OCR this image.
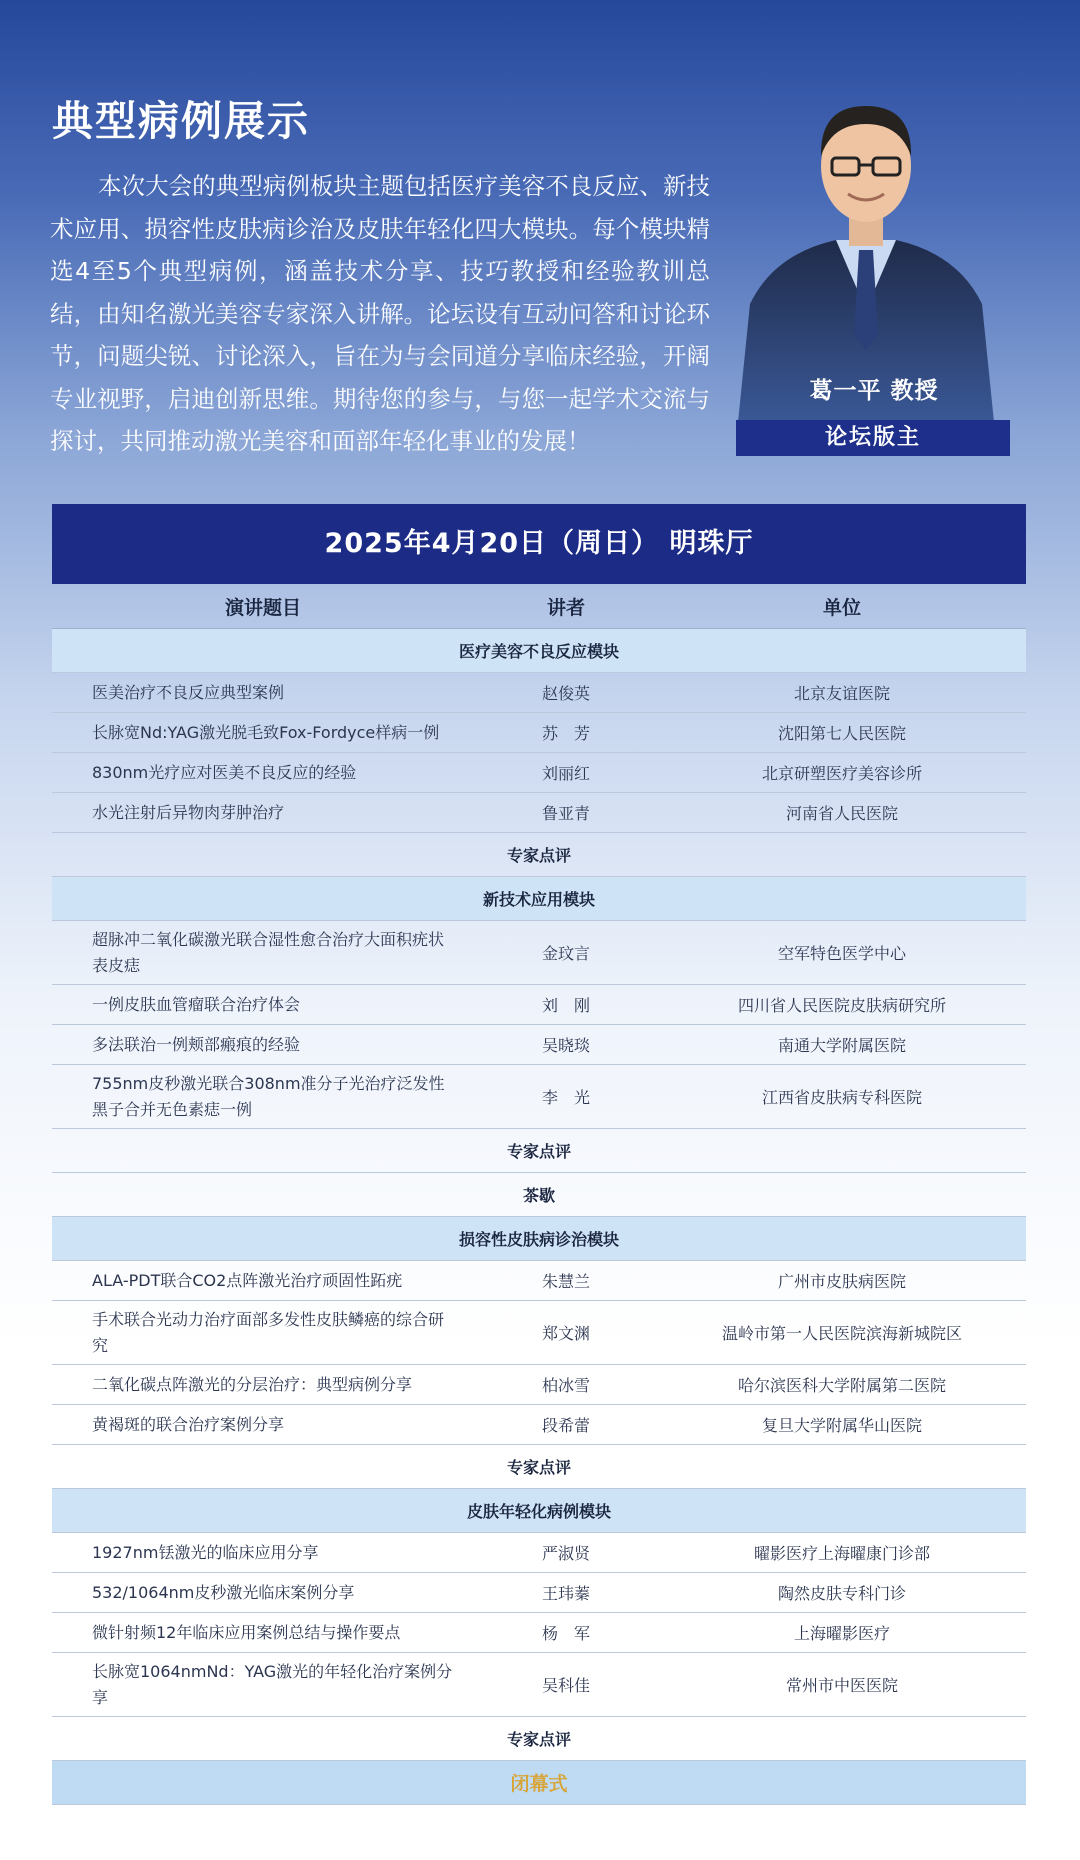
典型病例展示

本次大会的典型病例板块主题包括医疗美容不良反应、新技术应用、损容性皮肤病诊治及皮肤年轻化四大模块。每个模块精选4至5个典型病例，涵盖技术分享、技巧教授和经验教训总结，由知名激光美容专家深入讲解。论坛设有互动问答和讨论环节，问题尖锐、讨论深入，旨在为与会同道分享临床经验，开阔专业视野，启迪创新思维。期待您的参与，与您一起学术交流与探讨，共同推动激光美容和面部年轻化事业的发展！

葛一平 教授
论坛版主
2025年4月20日（周日） 明珠厅
演讲题目	讲者	单位
医疗美容不良反应模块		
医美治疗不良反应典型案例	赵俊英	北京友谊医院
长脉宽Nd:YAG激光脱毛致Fox-Fordyce样病一例	苏　芳	沈阳第七人民医院
830nm光疗应对医美不良反应的经验	刘丽红	北京研塑医疗美容诊所
水光注射后异物肉芽肿治疗	鲁亚青	河南省人民医院
专家点评		
新技术应用模块		
超脉冲二氧化碳激光联合湿性愈合治疗大面积疣状表皮痣	金玟言	空军特色医学中心
一例皮肤血管瘤联合治疗体会	刘　刚	四川省人民医院皮肤病研究所
多法联治一例颊部瘢痕的经验	吴晓琰	南通大学附属医院
755nm皮秒激光联合308nm准分子光治疗泛发性黑子合并无色素痣一例	李　光	江西省皮肤病专科医院
专家点评		
茶歇		
损容性皮肤病诊治模块		
ALA-PDT联合CO2点阵激光治疗顽固性跖疣	朱慧兰	广州市皮肤病医院
手术联合光动力治疗面部多发性皮肤鳞癌的综合研究	郑文渊	温岭市第一人民医院滨海新城院区
二氧化碳点阵激光的分层治疗：典型病例分享	柏冰雪	哈尔滨医科大学附属第二医院
黄褐斑的联合治疗案例分享	段希蕾	复旦大学附属华山医院
专家点评		
皮肤年轻化病例模块		
1927nm铥激光的临床应用分享	严淑贤	曜影医疗上海曜康门诊部
532/1064nm皮秒激光临床案例分享	王玮蓁	陶然皮肤专科门诊
微针射频12年临床应用案例总结与操作要点	杨　军	上海曜影医疗
长脉宽1064nmNd：YAG激光的年轻化治疗案例分享	吴科佳	常州市中医医院
专家点评		
闭幕式		
